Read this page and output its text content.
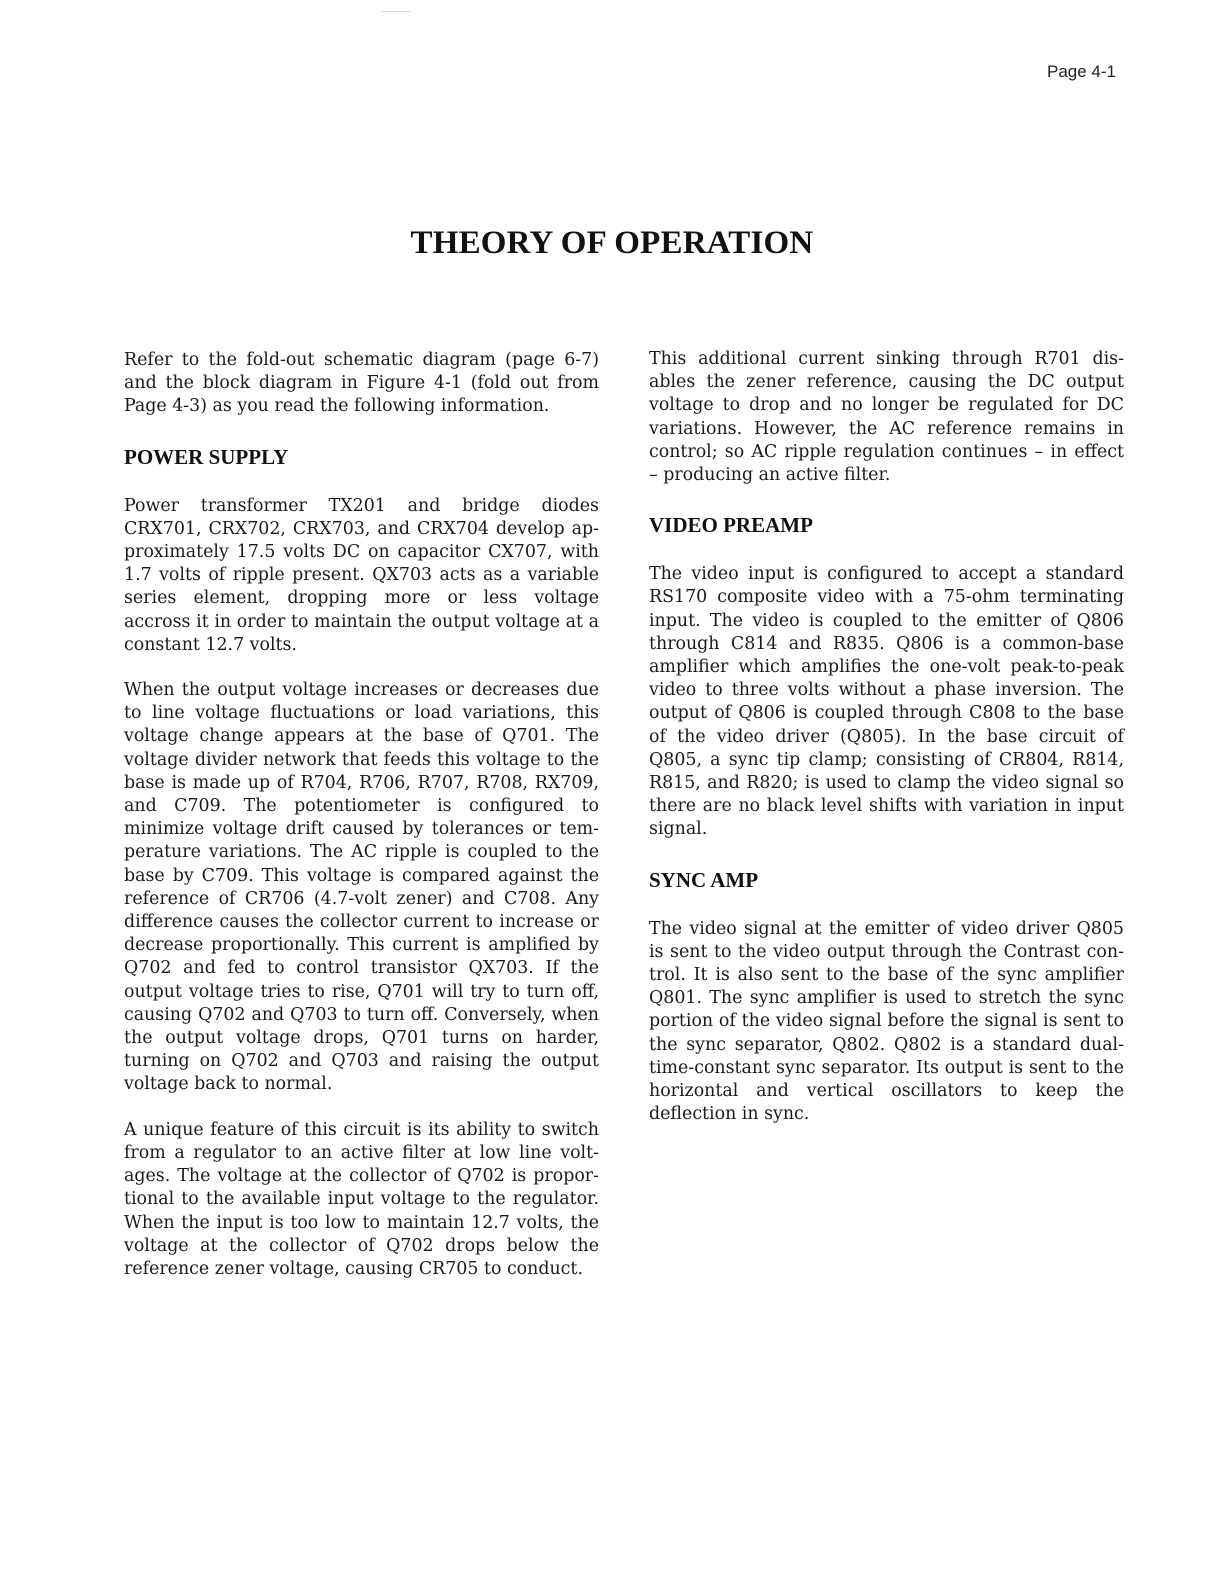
Page 4-1
THEORY OF OPERATION

Refer to the fold-out schematic diagram (page 6-7) and the block diagram in Figure 4-1 (fold out from Page 4-3) as you read the following information.

POWER SUPPLY

Power transformer TX201 and bridge diodes CRX701, CRX702, CRX703, and CRX704 develop approximately 17.5 volts DC on capacitor CX707, with 1.7 volts of ripple present. QX703 acts as a variable series element, dropping more or less voltage accross it in order to maintain the output voltage at a constant 12.7 volts.

When the output voltage increases or decreases due to line voltage fluctuations or load variations, this voltage change appears at the base of Q701. The voltage divider network that feeds this voltage to the base is made up of R704, R706, R707, R708, RX709, and C709. The potentiometer is configured to minimize voltage drift caused by tolerances or temperature variations. The AC ripple is coupled to the base by C709. This voltage is compared against the reference of CR706 (4.7-volt zener) and C708. Any difference causes the collector current to increase or decrease proportionally. This current is amplified by Q702 and fed to control transistor QX703. If the output voltage tries to rise, Q701 will try to turn off, causing Q702 and Q703 to turn off. Conversely, when the output voltage drops, Q701 turns on harder, turning on Q702 and Q703 and raising the output voltage back to normal.

A unique feature of this circuit is its ability to switch from a regulator to an active filter at low line voltages. The voltage at the collector of Q702 is proportional to the available input voltage to the regulator. When the input is too low to maintain 12.7 volts, the voltage at the collector of Q702 drops below the reference zener voltage, causing CR705 to conduct.

This additional current sinking through R701 disables the zener reference, causing the DC output voltage to drop and no longer be regulated for DC variations. However, the AC reference remains in control; so AC ripple regulation continues – in effect – producing an active filter.

VIDEO PREAMP

The video input is configured to accept a standard RS170 composite video with a 75-ohm terminating input. The video is coupled to the emitter of Q806 through C814 and R835. Q806 is a common-base amplifier which amplifies the one-volt peak-to-peak video to three volts without a phase inversion. The output of Q806 is coupled through C808 to the base of the video driver (Q805). In the base circuit of Q805, a sync tip clamp; consisting of CR804, R814, R815, and R820; is used to clamp the video signal so there are no black level shifts with variation in input signal.

SYNC AMP

The video signal at the emitter of video driver Q805 is sent to the video output through the Contrast control. It is also sent to the base of the sync amplifier Q801. The sync amplifier is used to stretch the sync portion of the video signal before the signal is sent to the sync separator, Q802. Q802 is a standard dual-time-constant sync separator. Its output is sent to the horizontal and vertical oscillators to keep the deflection in sync.
